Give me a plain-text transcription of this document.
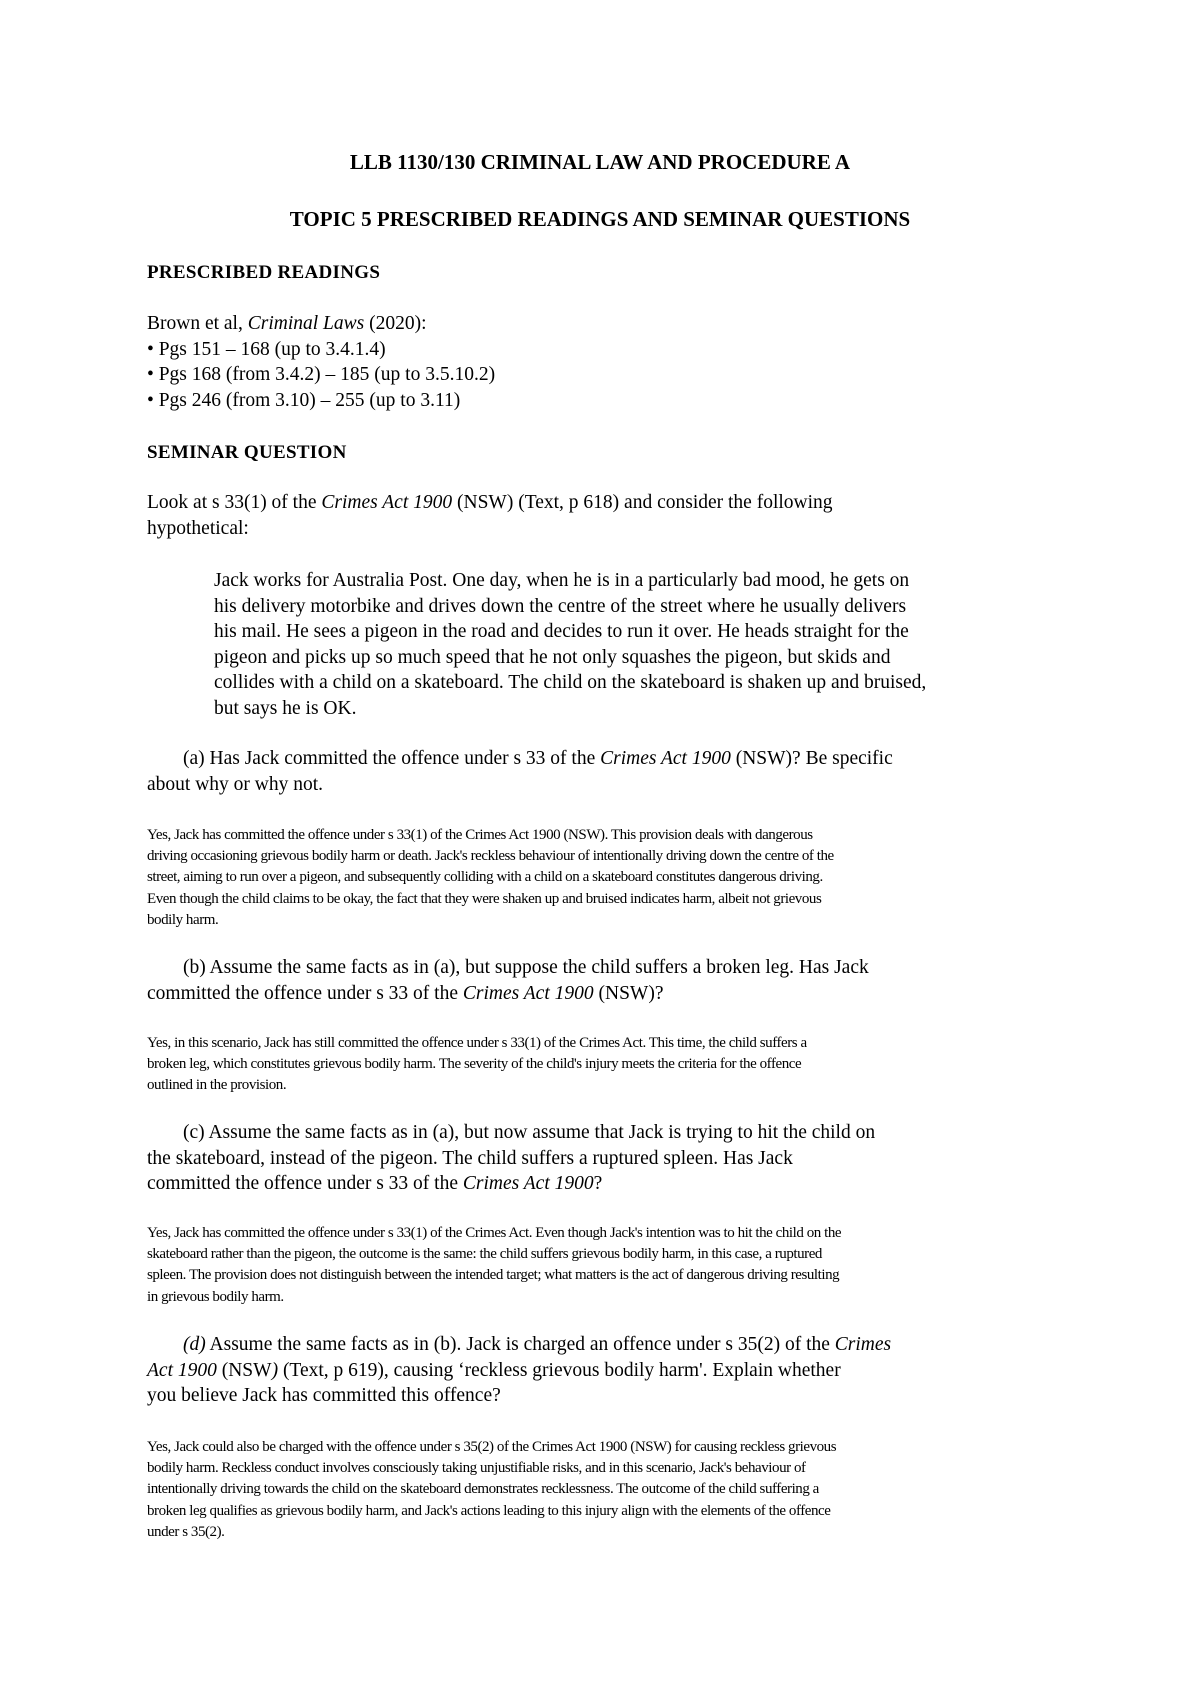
LLB 1130/130 CRIMINAL LAW AND PROCEDURE A
TOPIC 5 PRESCRIBED READINGS AND SEMINAR QUESTIONS
PRESCRIBED READINGS
Brown et al, Criminal Laws (2020):
• Pgs 151 – 168 (up to 3.4.1.4)
• Pgs 168 (from 3.4.2) – 185 (up to 3.5.10.2)
• Pgs 246 (from 3.10) – 255 (up to 3.11)
SEMINAR QUESTION
Look at s 33(1) of the Crimes Act 1900 (NSW) (Text, p 618) and consider the following
hypothetical:
Jack works for Australia Post. One day, when he is in a particularly bad mood, he gets on
his delivery motorbike and drives down the centre of the street where he usually delivers
his mail. He sees a pigeon in the road and decides to run it over. He heads straight for the
pigeon and picks up so much speed that he not only squashes the pigeon, but skids and
collides with a child on a skateboard. The child on the skateboard is shaken up and bruised,
but says he is OK.
(a) Has Jack committed the offence under s 33 of the Crimes Act 1900 (NSW)? Be specific
about why or why not.
Yes, Jack has committed the offence under s 33(1) of the Crimes Act 1900 (NSW). This provision deals with dangerous
driving occasioning grievous bodily harm or death. Jack's reckless behaviour of intentionally driving down the centre of the
street, aiming to run over a pigeon, and subsequently colliding with a child on a skateboard constitutes dangerous driving.
Even though the child claims to be okay, the fact that they were shaken up and bruised indicates harm, albeit not grievous
bodily harm.
(b) Assume the same facts as in (a), but suppose the child suffers a broken leg. Has Jack
committed the offence under s 33 of the Crimes Act 1900 (NSW)?
Yes, in this scenario, Jack has still committed the offence under s 33(1) of the Crimes Act. This time, the child suffers a
broken leg, which constitutes grievous bodily harm. The severity of the child's injury meets the criteria for the offence
outlined in the provision.
(c) Assume the same facts as in (a), but now assume that Jack is trying to hit the child on
the skateboard, instead of the pigeon. The child suffers a ruptured spleen. Has Jack
committed the offence under s 33 of the Crimes Act 1900?
Yes, Jack has committed the offence under s 33(1) of the Crimes Act. Even though Jack's intention was to hit the child on the
skateboard rather than the pigeon, the outcome is the same: the child suffers grievous bodily harm, in this case, a ruptured
spleen. The provision does not distinguish between the intended target; what matters is the act of dangerous driving resulting
in grievous bodily harm.
(d) Assume the same facts as in (b). Jack is charged an offence under s 35(2) of the Crimes
Act 1900 (NSW) (Text, p 619), causing ‘reckless grievous bodily harm'. Explain whether
you believe Jack has committed this offence?
Yes, Jack could also be charged with the offence under s 35(2) of the Crimes Act 1900 (NSW) for causing reckless grievous
bodily harm. Reckless conduct involves consciously taking unjustifiable risks, and in this scenario, Jack's behaviour of
intentionally driving towards the child on the skateboard demonstrates recklessness. The outcome of the child suffering a
broken leg qualifies as grievous bodily harm, and Jack's actions leading to this injury align with the elements of the offence
under s 35(2).
